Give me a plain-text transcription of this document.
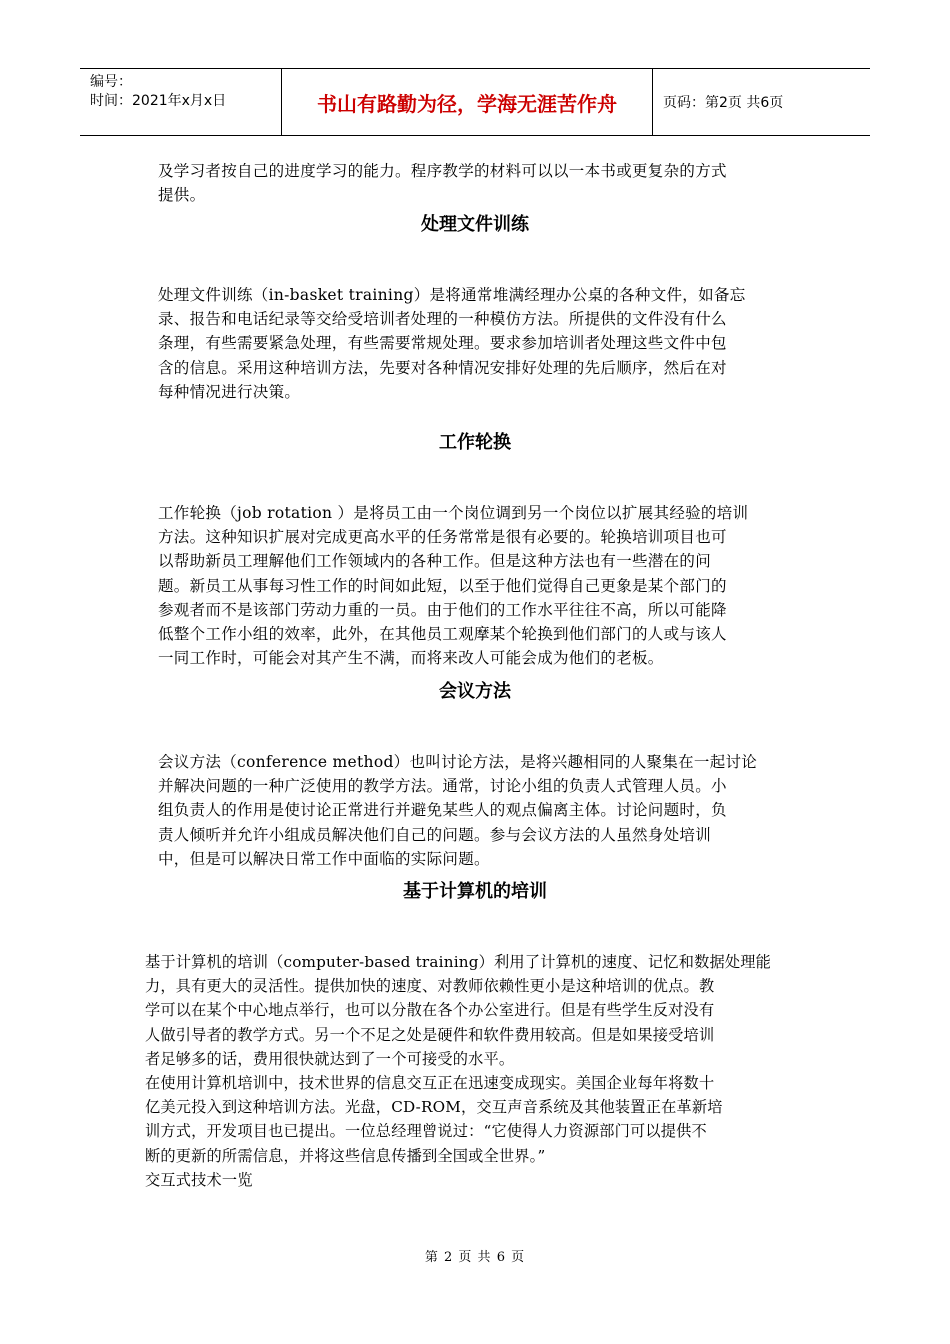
编号：
时间：2021年x月x日	书山有路勤为径，学海无涯苦作舟	页码：第2页 共6页
及学习者按自己的进度学习的能力。程序教学的材料可以以一本书或更复杂的方式
提供。
处理文件训练
处理文件训练（in-basket training）是将通常堆满经理办公桌的各种文件，如备忘
录、报告和电话纪录等交给受培训者处理的一种模仿方法。所提供的文件没有什么
条理，有些需要紧急处理，有些需要常规处理。要求参加培训者处理这些文件中包
含的信息。采用这种培训方法，先要对各种情况安排好处理的先后顺序，然后在对
每种情况进行决策。
工作轮换
工作轮换（job rotation ）是将员工由一个岗位调到另一个岗位以扩展其经验的培训
方法。这种知识扩展对完成更高水平的任务常常是很有必要的。轮换培训项目也可
以帮助新员工理解他们工作领域内的各种工作。但是这种方法也有一些潜在的问
题。新员工从事每习性工作的时间如此短，以至于他们觉得自己更象是某个部门的
参观者而不是该部门劳动力重的一员。由于他们的工作水平往往不高，所以可能降
低整个工作小组的效率，此外，在其他员工观摩某个轮换到他们部门的人或与该人
一同工作时，可能会对其产生不满，而将来改人可能会成为他们的老板。
会议方法
会议方法（conference method）也叫讨论方法，是将兴趣相同的人聚集在一起讨论
并解决问题的一种广泛使用的教学方法。通常，讨论小组的负责人式管理人员。小
组负责人的作用是使讨论正常进行并避免某些人的观点偏离主体。讨论问题时，负
责人倾听并允许小组成员解决他们自己的问题。参与会议方法的人虽然身处培训
中，但是可以解决日常工作中面临的实际问题。
基于计算机的培训
基于计算机的培训（computer-based training）利用了计算机的速度、记忆和数据处理能
力，具有更大的灵活性。提供加快的速度、对教师依赖性更小是这种培训的优点。教
学可以在某个中心地点举行，也可以分散在各个办公室进行。但是有些学生反对没有
人做引导者的教学方式。另一个不足之处是硬件和软件费用较高。但是如果接受培训
者足够多的话，费用很快就达到了一个可接受的水平。
在使用计算机培训中，技术世界的信息交互正在迅速变成现实。美国企业每年将数十
亿美元投入到这种培训方法。光盘，CD-ROM，交互声音系统及其他装置正在革新培
训方式，开发项目也已提出。一位总经理曾说过：“它使得人力资源部门可以提供不
断的更新的所需信息，并将这些信息传播到全国或全世界。”
交互式技术一览
第 2 页 共 6 页
